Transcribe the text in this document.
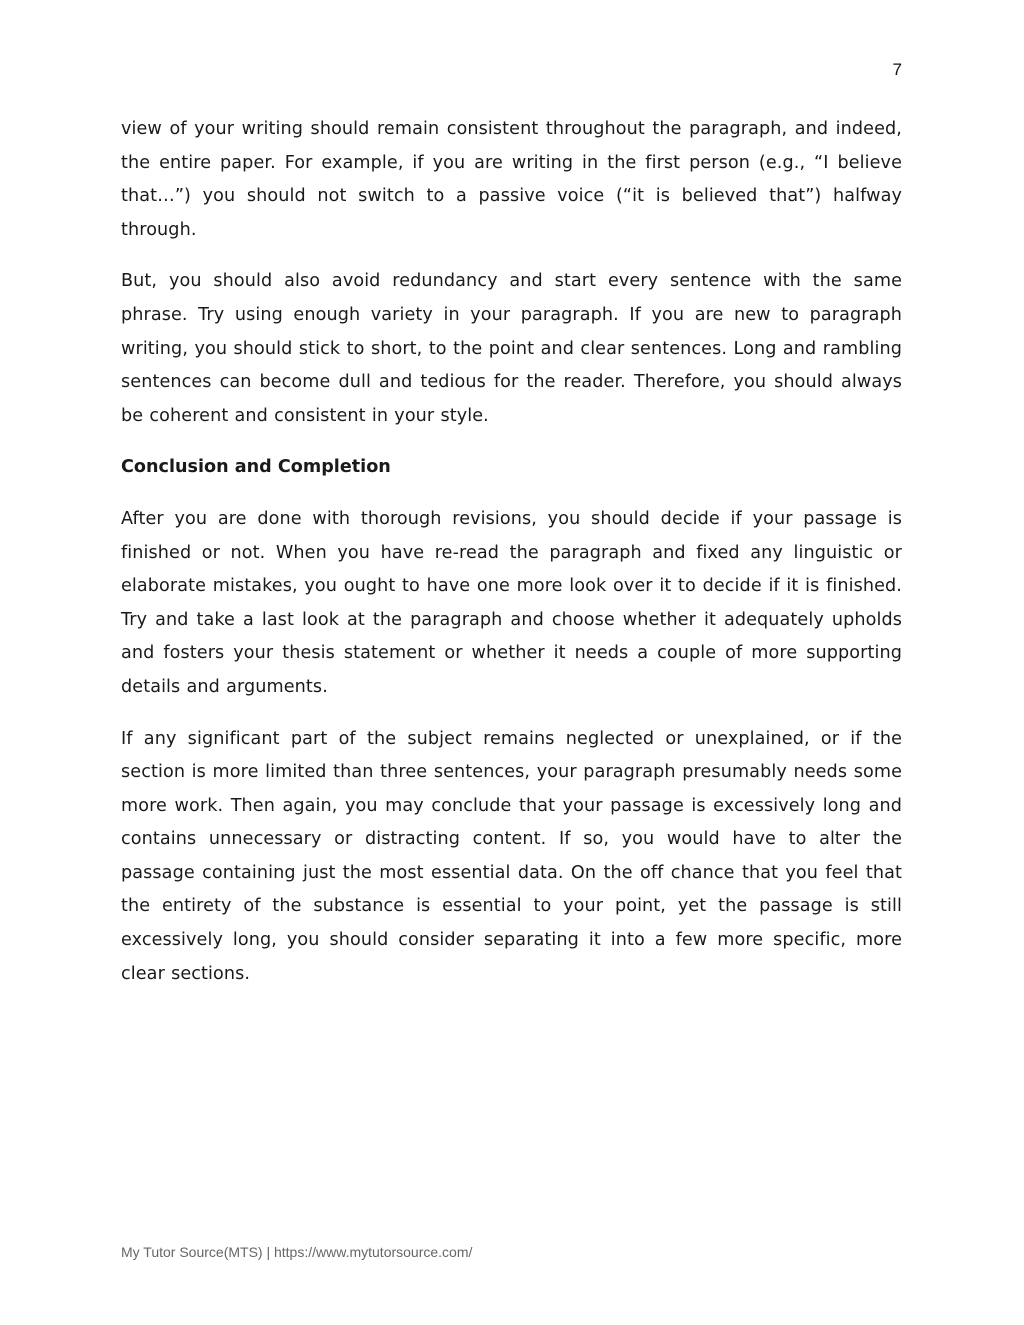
7

view of your writing should remain consistent throughout the paragraph, and indeed, the entire paper. For example, if you are writing in the first person (e.g., “I believe that…”) you should not switch to a passive voice (“it is believed that”) halfway through.

But, you should also avoid redundancy and start every sentence with the same phrase. Try using enough variety in your paragraph. If you are new to paragraph writing, you should stick to short, to the point and clear sentences. Long and rambling sentences can become dull and tedious for the reader. Therefore, you should always be coherent and consistent in your style.

Conclusion and Completion

After you are done with thorough revisions, you should decide if your passage is finished or not. When you have re-read the paragraph and fixed any linguistic or elaborate mistakes, you ought to have one more look over it to decide if it is finished. Try and take a last look at the paragraph and choose whether it adequately upholds and fosters your thesis statement or whether it needs a couple of more supporting details and arguments.

If any significant part of the subject remains neglected or unexplained, or if the section is more limited than three sentences, your paragraph presumably needs some more work. Then again, you may conclude that your passage is excessively long and contains unnecessary or distracting content. If so, you would have to alter the passage containing just the most essential data. On the off chance that you feel that the entirety of the substance is essential to your point, yet the passage is still excessively long, you should consider separating it into a few more specific, more clear sections.

My Tutor Source(MTS) | https://www.mytutorsource.com/
